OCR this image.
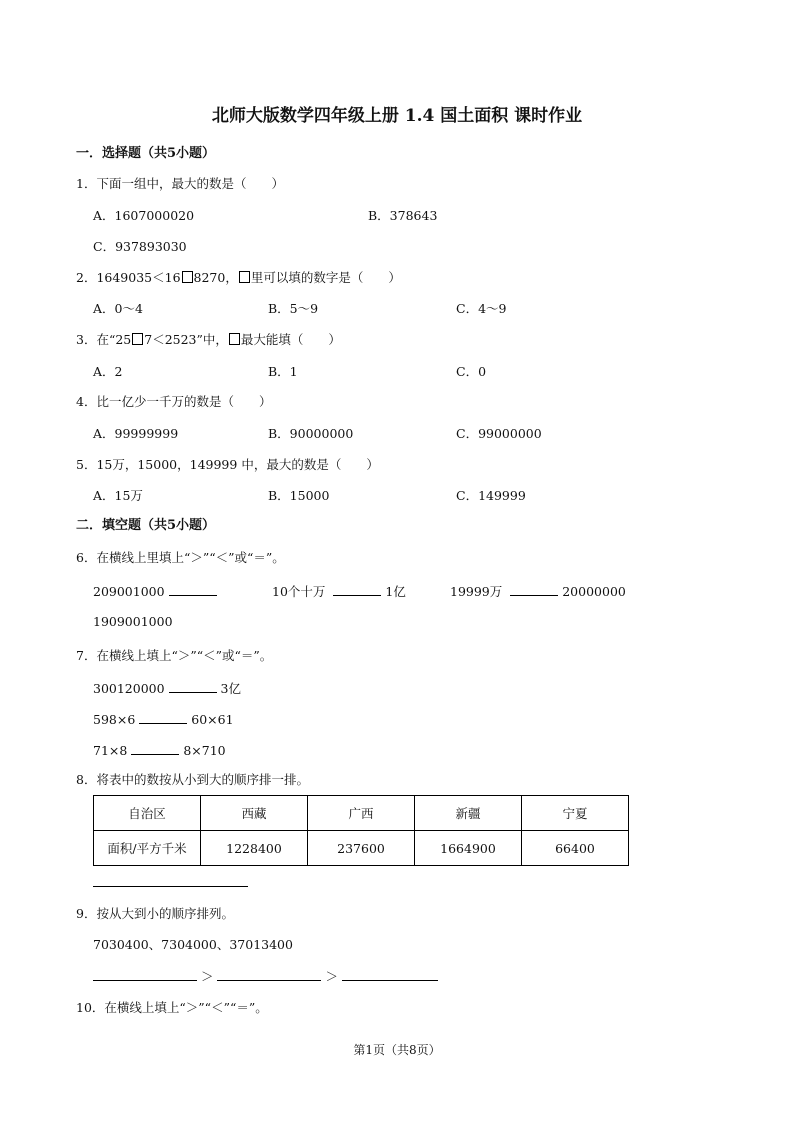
北师大版数学四年级上册 1.4 国土面积 课时作业
一．选择题（共5小题）
1．下面一组中，最大的数是（　　）
A．1607000020	B．378643
C．937893030
2．1649035＜16 8270， 里可以填的数字是（　　）
A．0～4	B．5～9	C．4～9
3．在“25 7＜2523”中， 最大能填（　　）
A．2	B．1	C．0
4．比一亿少一千万的数是（　　）
A．99999999	B．90000000	C．99000000
5．15万，15000，149999 中，最大的数是（　　）
A．15万	B．15000	C．149999
二．填空题（共5小题）
6．在横线上里填上“＞”“＜”或“＝”。
209001000	10个十万	1亿	19999万	20000000
1909001000
7．在横线上填上“＞”“＜”或“＝”。
300120000	3亿
598×6	60×61
71×8	8×710
8．将表中的数按从小到大的顺序排一排。
自治区	西藏	广西	新疆	宁夏
面积/平方千米	1228400	237600	1664900	66400
9．按从大到小的顺序排列。
7030400、7304000、37013400
＞	＞
10．在横线上填上“＞”“＜”“＝”。
第1页（共8页）
